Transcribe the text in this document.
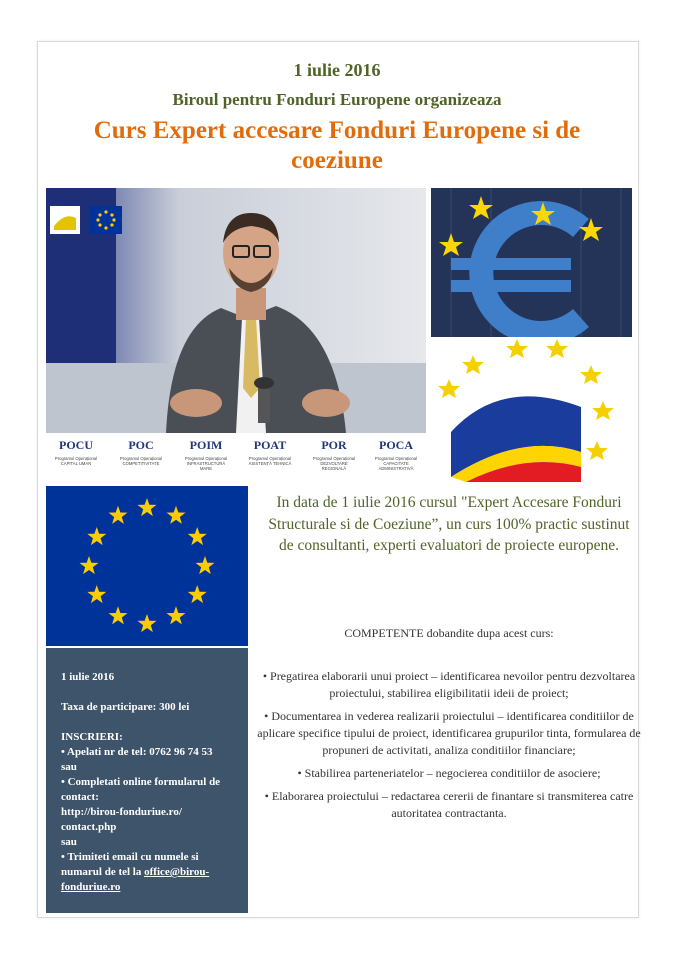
1 iulie 2016
Biroul pentru Fonduri Europene organizeaza
Curs Expert accesare Fonduri Europene si de coeziune
POCU	POC	POIM	POAT	POR	POCA
Programul Operațional
CAPITAL UMAN
Programul Operațional
COMPETITIVITATE
Programul Operațional
INFRASTRUCTURĂ
MARE
Programul Operațional
ASISTENȚĂ TEHNICĂ
Programul Operațional
DEZVOLTARE
REGIONALĂ
Programul Operațional
CAPACITATE
ADMINISTRATIVĂ

1 iulie 2016

Taxa de participare: 300 lei

INSCRIERI:

• Apelati nr de tel: 0762 96 74 53

sau

• Completati online formularul de contact:

http://birou-fonduriue.ro/ contact.php

sau

• Trimiteti email cu numele si numarul de tel la office@birou-fonduriue.ro

In data de 1 iulie 2016 cursul "Expert Accesare Fonduri Structurale si de Coeziune”, un curs 100% practic sustinut de consultanti, experti evaluatori de proiecte europene.
COMPETENTE dobandite dupa acest curs:

• Pregatirea elaborarii unui proiect – identificarea nevoilor pentru dezvoltarea proiectului, stabilirea eligibilitatii ideii de proiect;

• Documentarea in vederea realizarii proiectului – identificarea conditiilor de aplicare specifice tipului de proiect, identificarea grupurilor tinta, formularea de propuneri de activitati, analiza conditiilor financiare;

• Stabilirea parteneriatelor – negocierea conditiilor de asociere;

• Elaborarea proiectului – redactarea cererii de finantare si transmiterea catre autoritatea contractanta.
